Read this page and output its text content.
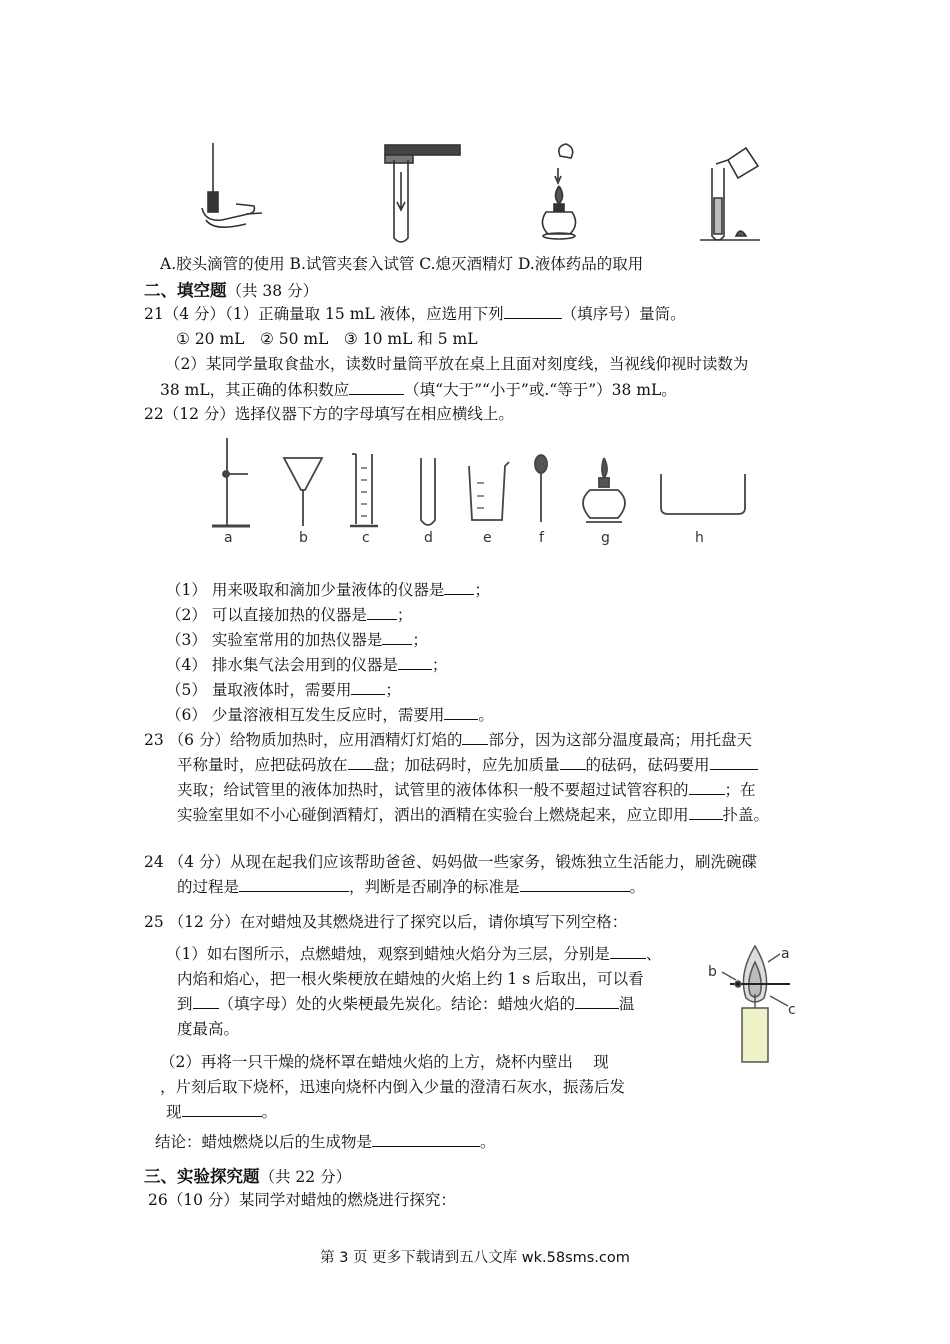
A.胶头滴管的使用 B.试管夹套入试管 C.熄灭酒精灯 D.液体药品的取用
二、填空题（共 38 分）
21（4 分）（1）正确量取 15 mL 液体，应选用下列	（填序号）量筒。
① 20 mL　② 50 mL　③ 10 mL 和 5 mL
（2）某同学量取食盐水，读数时量筒平放在桌上且面对刻度线，当视线仰视时读数为
38 mL，其正确的体积数应	（填“大于”“小于”或.“等于”）38 mL。
22（12 分）选择仪器下方的字母填写在相应横线上。
a	b	c	d	e	f	g	h
（1） 用来吸取和滴加少量液体的仪器是 ；
（2） 可以直接加热的仪器是 ；
（3） 实验室常用的加热仪器是 ；
（4） 排水集气法会用到的仪器是 ；
（5） 量取液体时，需要用 ；
（6） 少量溶液相互发生反应时，需要用 。
23 （6 分）给物质加热时，应用酒精灯灯焰的 部分，因为这部分温度最高；用托盘天
平称量时，应把砝码放在 盘；加砝码时，应先加质量 的砝码，砝码要用
夹取；给试管里的液体加热时，试管里的液体体积一般不要超过试管容积的 ；在
实验室里如不小心碰倒酒精灯，洒出的酒精在实验台上燃烧起来，应立即用 扑盖。
24 （4 分）从现在起我们应该帮助爸爸、妈妈做一些家务，锻炼独立生活能力，刷洗碗碟
的过程是	，判断是否刷净的标准是	。
25 （12 分）在对蜡烛及其燃烧进行了探究以后，请你填写下列空格：
（1）如右图所示，点燃蜡烛，观察到蜡烛火焰分为三层，分别是 、
内焰和焰心，把一根火柴梗放在蜡烛的火焰上约 1 s 后取出，可以看
到 （填字母）处的火柴梗最先炭化。结论：蜡烛火焰的	温
度最高。
a
b
c
（2）再将一只干燥的烧杯罩在蜡烛火焰的上方，烧杯内壁出　 现
，片刻后取下烧杯，迅速向烧杯内倒入少量的澄清石灰水，振荡后发
现	。
结论：蜡烛燃烧以后的生成物是	。
三、实验探究题（共 22 分）
26（10 分）某同学对蜡烛的燃烧进行探究：
第 3 页 更多下载请到五八文库 wk.58sms.com
